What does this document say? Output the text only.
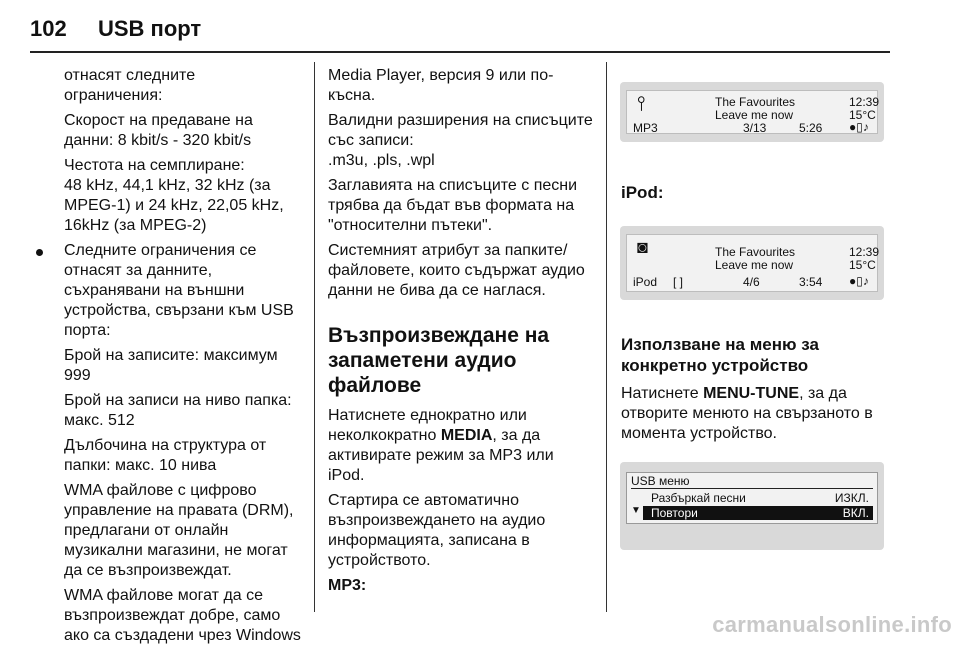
102 USB порт

отнасят следните ограничения:

Скорост на предаване на данни: 8 kbit/s - 320 kbit/s

Честота на семплиране:

48 kHz, 44,1 kHz, 32 kHz (за MPEG-1) и 24 kHz, 22,05 kHz, 16kHz (за MPEG-2)

Следните ограничения се отнасят за данните, съхранявани на външни устройства, свързани към USB порта:

Брой на записите: максимум 999

Брой на записи на ниво папка: макс. 512

Дълбочина на структура от папки: макс. 10 нива

WMA файлове с цифрово управление на правата (DRM), предлагани от онлайн музикални магазини, не могат да се възпроизвеждат.

WMA файлове могат да се възпроизвеждат добре, само ако са създадени чрез Windows

Media Player, версия 9 или по-късна.

Валидни разширения на списъците със записи:

.m3u, .pls, .wpl

Заглавията на списъците с песни трябва да бъдат във формата на "относителни пътеки".

Системният атрибут за папките/файловете, които съдържат аудио данни не бива да се наглася.

Възпроизвеждане на запаметени аудио файлове

Натиснете еднократно или неколкократно MEDIA, за да активирате режим за MP3 или iPod.

Стартира се автоматично възпроизвеждането на аудио информацията, записана в устройството.

MP3:

⫯	The Favourites
Leave me now
12:39
15°C
MP3	3/13	5:26 ●▯♪
iPod:
◙	The Favourites
Leave me now
12:39
15°C
iPod [ ]	4/6	3:54 ●▯♪
Използване на меню за конкретно устройство

Натиснете MENU-TUNE, за да отворите менюто на свързаното в момента устройство.

USB меню
Разбъркай песни	ИЗКЛ.
▼ Повтори	ВКЛ.
carmanualsonline.info
